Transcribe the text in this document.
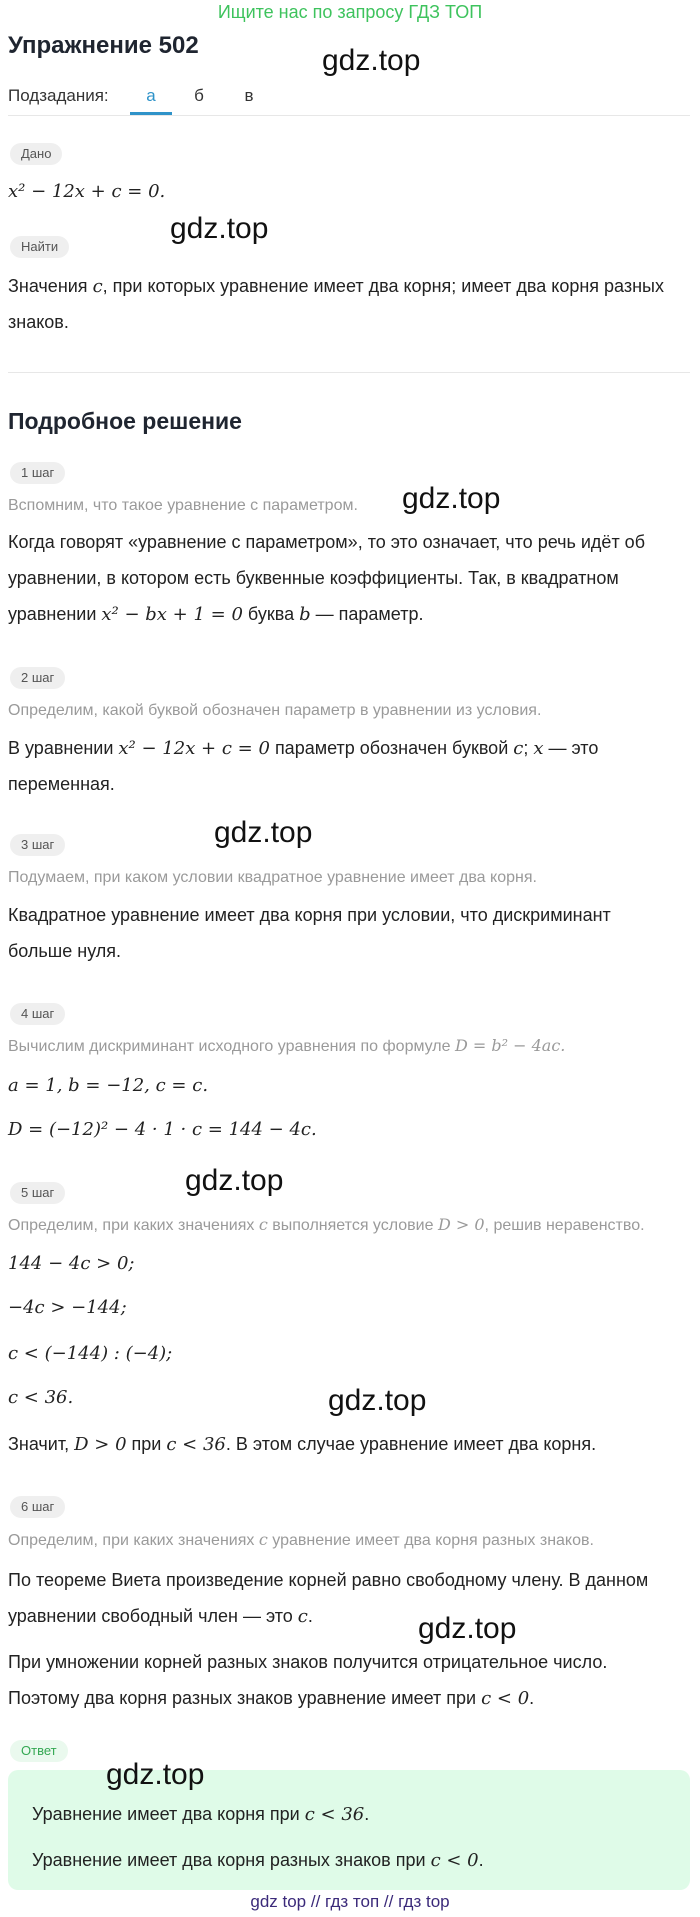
Ищите нас по запросу ГДЗ ТОП
Упражнение 502	gdz.top
Подзадания:	а	б	в
Дано
x² − 12x + c = 0.
Найти
gdz.top
Значения c, при которых уравнение имеет два корня; имеет два корня разных
знаков.
Подробное решение
1 шаг
Вспомним, что такое уравнение с параметром.	gdz.top
Когда говорят «уравнение с параметром», то это означает, что речь идёт об
уравнении, в котором есть буквенные коэффициенты. Так, в квадратном
уравнении x² − bx + 1 = 0 буква b — параметр.
2 шаг
Определим, какой буквой обозначен параметр в уравнении из условия.
В уравнении x² − 12x + c = 0 параметр обозначен буквой c; x — это
переменная.
gdz.top
3 шаг
Подумаем, при каком условии квадратное уравнение имеет два корня.
Квадратное уравнение имеет два корня при условии, что дискриминант
больше нуля.
4 шаг
Вычислим дискриминант исходного уравнения по формуле D = b² − 4ac.
a = 1, b = −12, c = c.
D = (−12)² − 4 · 1 · c = 144 − 4c.
gdz.top
5 шаг
Определим, при каких значениях c выполняется условие D > 0, решив неравенство.
144 − 4c > 0;
−4c > −144;
c < (−144) : (−4);
c < 36.	gdz.top
Значит, D > 0 при c < 36. В этом случае уравнение имеет два корня.
6 шаг
Определим, при каких значениях c уравнение имеет два корня разных знаков.
По теореме Виета произведение корней равно свободному члену. В данном
уравнении свободный член — это c.	gdz.top
При умножении корней разных знаков получится отрицательное число.
Поэтому два корня разных знаков уравнение имеет при c < 0.
Ответ
gdz.top
Уравнение имеет два корня при c < 36.
Уравнение имеет два корня разных знаков при c < 0.
gdz top // гдз топ // гдз top
